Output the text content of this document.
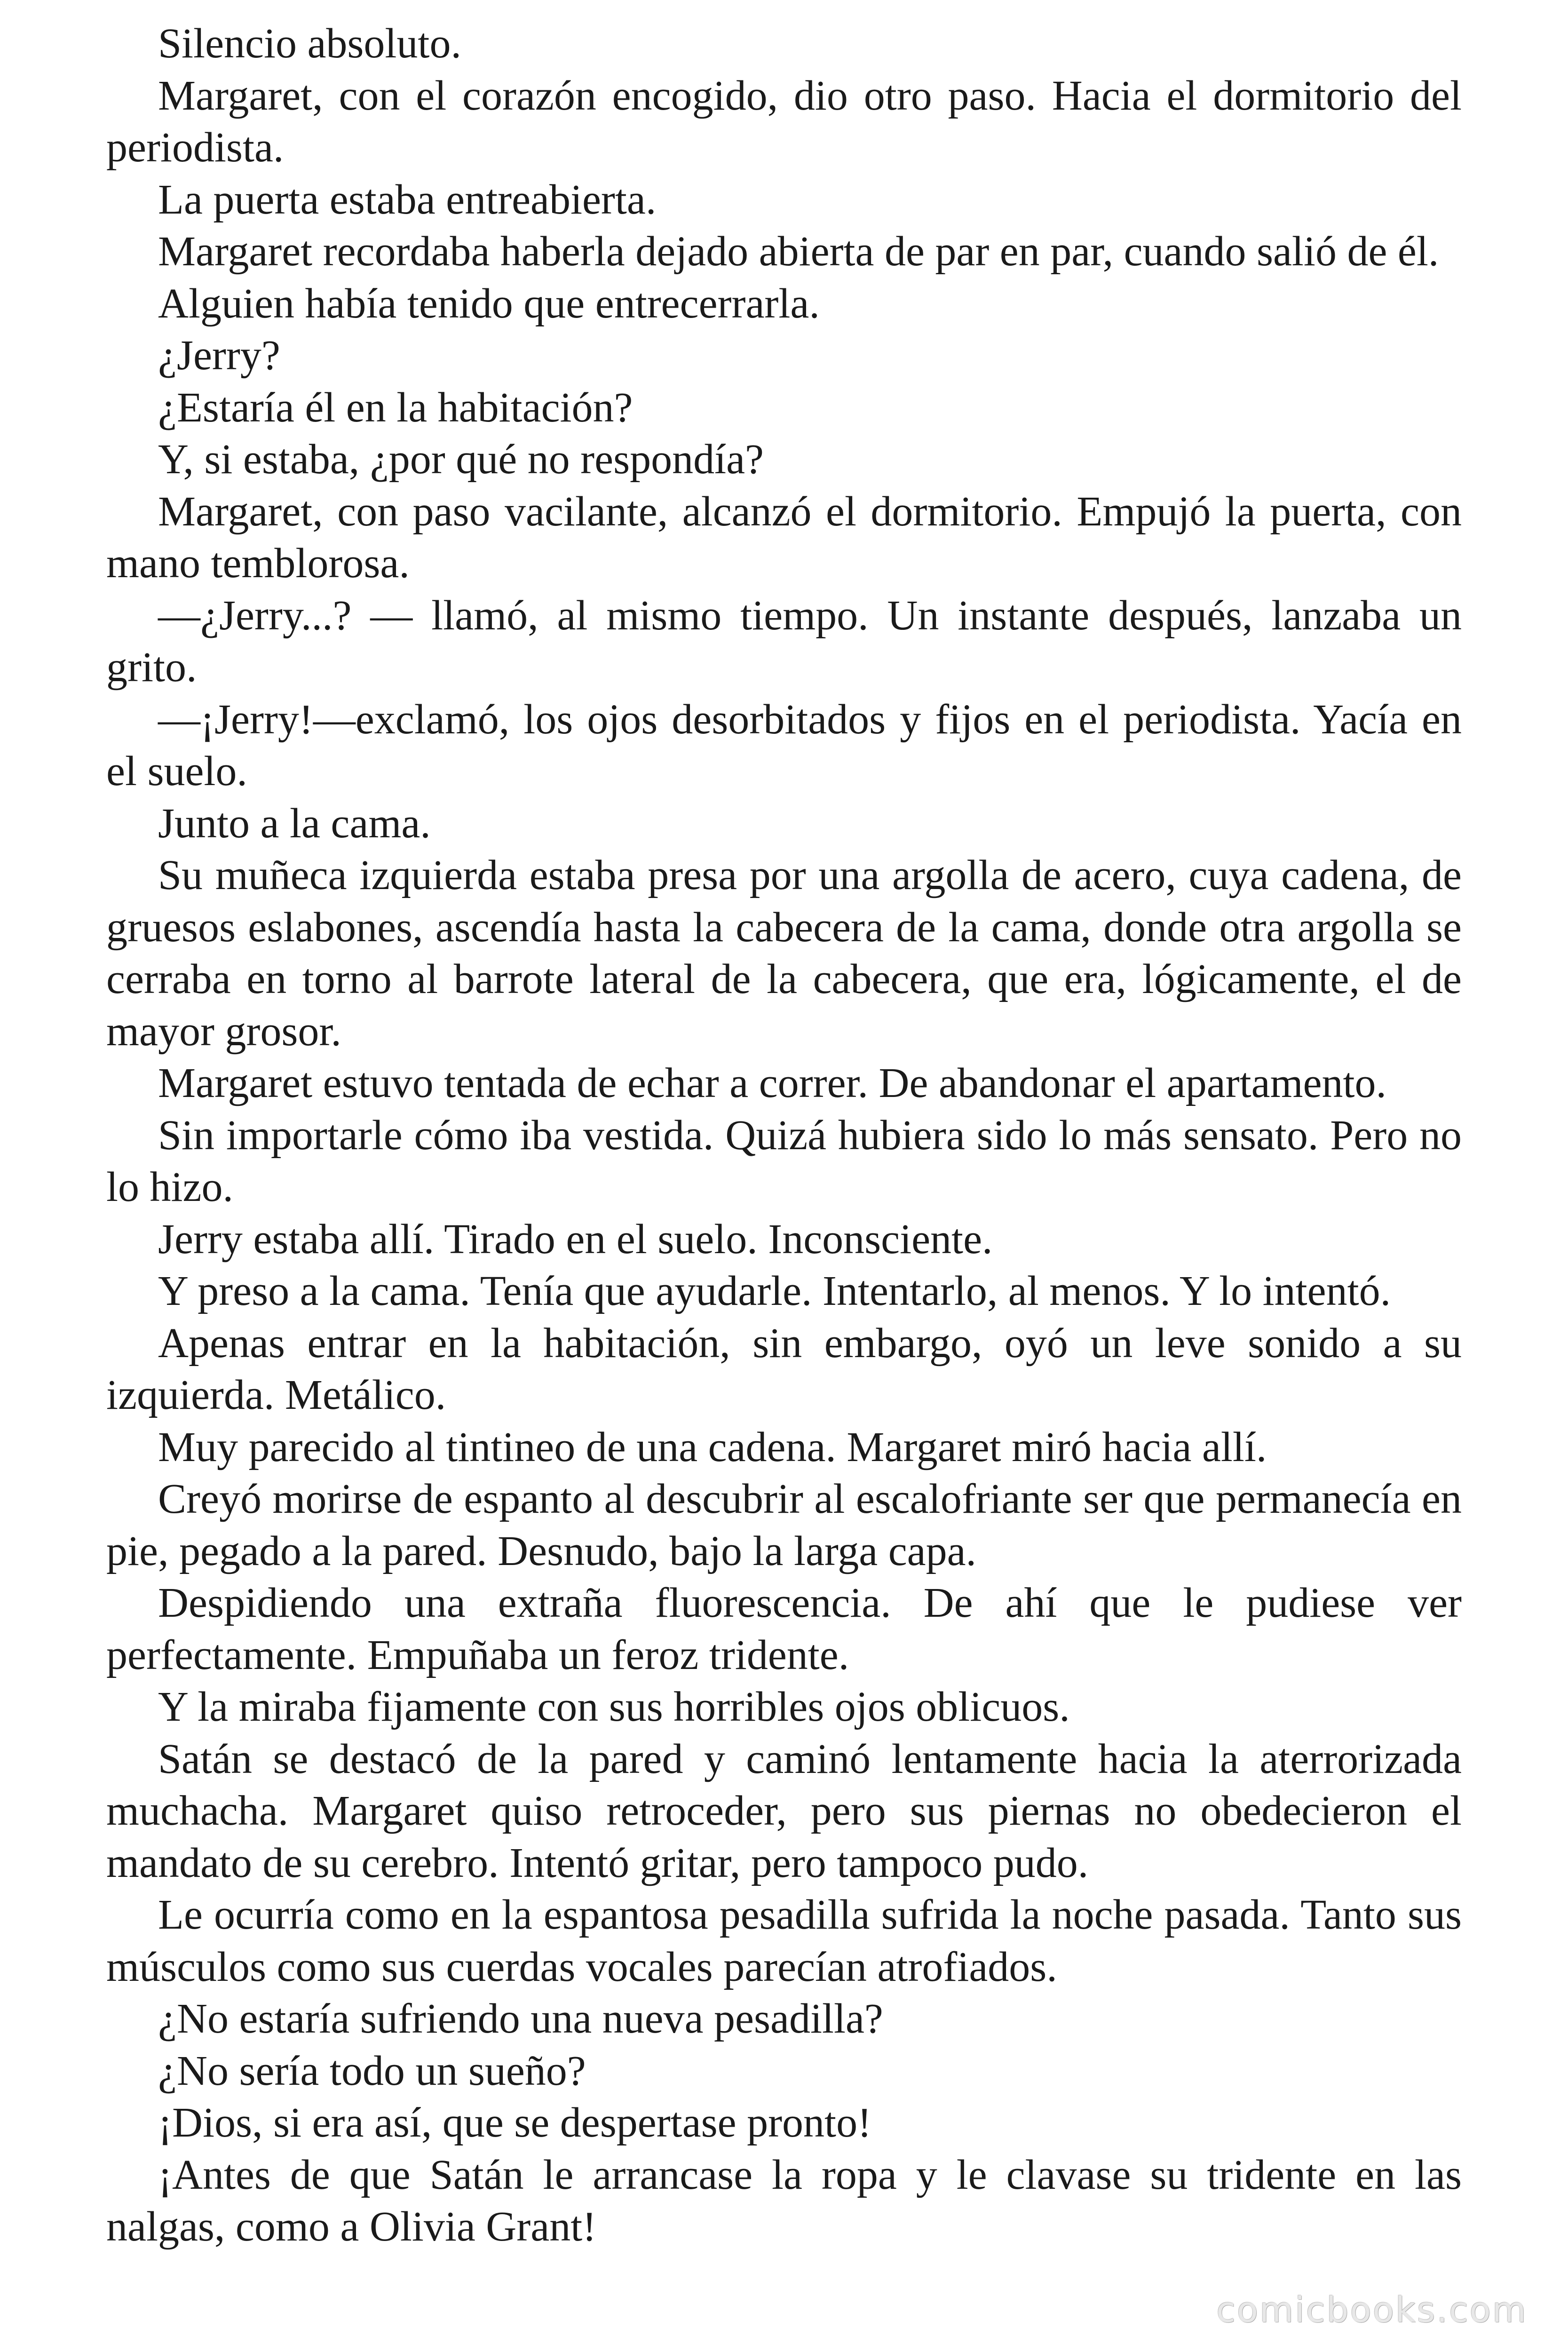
Silencio absoluto.

Margaret, con el corazón encogido, dio otro paso. Hacia el dormitorio del periodista.

La puerta estaba entreabierta.

Margaret recordaba haberla dejado abierta de par en par, cuando salió de él.

Alguien había tenido que entrecerrarla.

¿Jerry?

¿Estaría él en la habitación?

Y, si estaba, ¿por qué no respondía?

Margaret, con paso vacilante, alcanzó el dormitorio. Empujó la puerta, con mano temblorosa.

—¿Jerry...? — llamó, al mismo tiempo. Un instante después, lanzaba un grito.

—¡Jerry!—exclamó, los ojos desorbitados y fijos en el periodista. Yacía en el suelo.

Junto a la cama.

Su muñeca izquierda estaba presa por una argolla de acero, cuya cadena, de gruesos eslabones, ascendía hasta la cabecera de la cama, donde otra argolla se cerraba en torno al barrote lateral de la cabecera, que era, lógicamente, el de mayor grosor.

Margaret estuvo tentada de echar a correr. De abandonar el apartamento.

Sin importarle cómo iba vestida. Quizá hubiera sido lo más sensato. Pero no lo hizo.

Jerry estaba allí. Tirado en el suelo. Inconsciente.

Y preso a la cama. Tenía que ayudarle. Intentarlo, al menos. Y lo intentó.

Apenas entrar en la habitación, sin embargo, oyó un leve sonido a su izquierda. Metálico.

Muy parecido al tintineo de una cadena. Margaret miró hacia allí.

Creyó morirse de espanto al descubrir al escalofriante ser que permanecía en pie, pegado a la pared. Desnudo, bajo la larga capa.

Despidiendo una extraña fluorescencia. De ahí que le pudiese ver perfectamente. Empuñaba un feroz tridente.

Y la miraba fijamente con sus horribles ojos oblicuos.

Satán se destacó de la pared y caminó lentamente hacia la aterrorizada muchacha. Margaret quiso retroceder, pero sus piernas no obedecieron el mandato de su cerebro. Intentó gritar, pero tampoco pudo.

Le ocurría como en la espantosa pesadilla sufrida la noche pasada. Tanto sus músculos como sus cuerdas vocales parecían atrofiados.

¿No estaría sufriendo una nueva pesadilla?

¿No sería todo un sueño?

¡Dios, si era así, que se despertase pronto!

¡Antes de que Satán le arrancase la ropa y le clavase su tridente en las nalgas, como a Olivia Grant!

comicbooks.com
